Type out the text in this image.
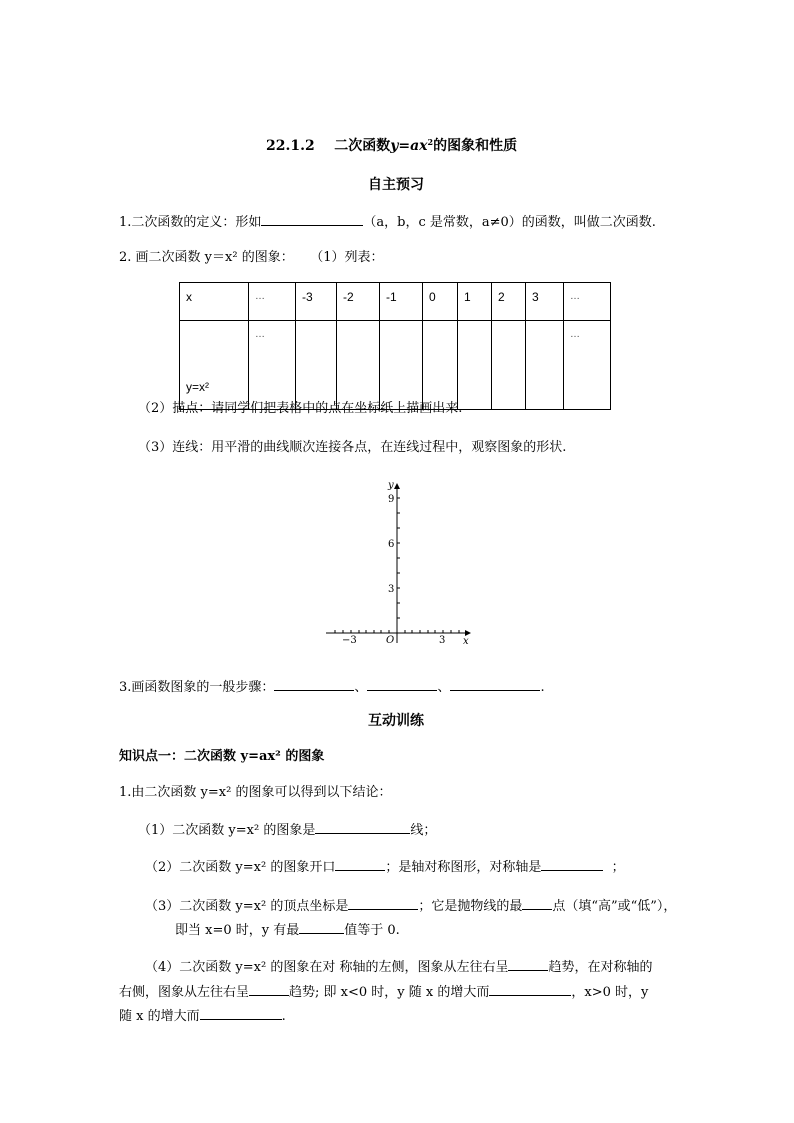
22.1.2 二次函数$y=ax^2$的图象和性质
自主预习
1.二次函数的定义：形如	（a，b，c 是常数，a≠0）的函数，叫做二次函数.
2. 画二次函数 y＝x² 的图象： （1）列表：
x	…	-3	-2	-1	0	1	2	3	…
y=x²	…								…
（2）描点：请同学们把表格中的点在坐标纸上描画出来.
（3）连线：用平滑的曲线顺次连接各点，在连线过程中，观察图象的形状.
y
x
O
9
6
3
−3	3
3.画函数图象的一般步骤：	、	、	.
互动训练
知识点一：二次函数 y=ax² 的图象
1.由二次函数 y=x² 的图象可以得到以下结论：
（1）二次函数 y=x² 的图象是	线；
（2）二次函数 y=x² 的图象开口	；是轴对称图形，对称轴是	；
（3）二次函数 y=x² 的顶点坐标是	；它是抛物线的最 点（填“高”或“低”），
即当 x=0 时，y 有最	值等于 0.
（4）二次函数 y=x² 的图象在对 称轴的左侧，图象从左往右呈	趋势，在对称轴的
右侧，图象从左往右呈	趋势; 即 x<0 时，y 随 x 的增大而	，x>0 时，y
随 x 的增大而	.
